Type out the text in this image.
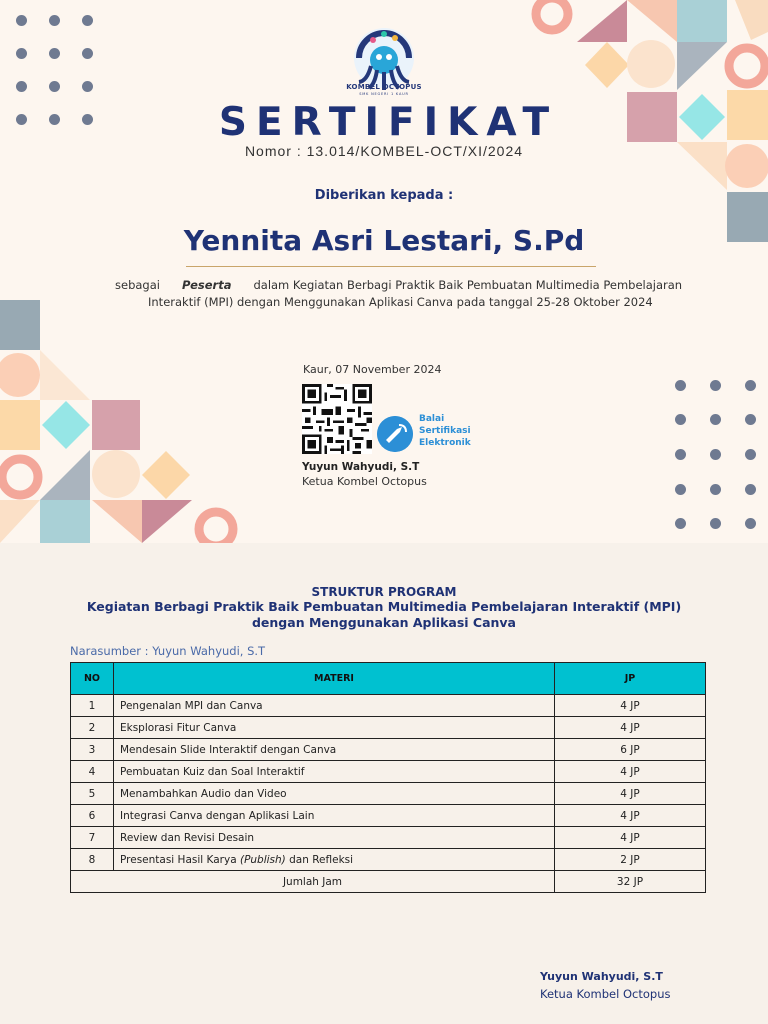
KOMBEL OCTOPUS
SMK NEGERI 1 KAUR
SERTIFIKAT
Nomor : 13.014/KOMBEL-OCT/XI/2024
Diberikan kepada :
Yennita Asri Lestari, S.Pd
sebagai Peserta dalam Kegiatan Berbagi Praktik Baik Pembuatan Multimedia Pembelajaran
Interaktif (MPI) dengan Menggunakan Aplikasi Canva pada tanggal 25-28 Oktober 2024
Kaur, 07 November 2024
Balai
Sertifikasi
Elektronik
Yuyun Wahyudi, S.T
Ketua Kombel Octopus
STRUKTUR PROGRAM
Kegiatan Berbagi Praktik Baik Pembuatan Multimedia Pembelajaran Interaktif (MPI) dengan Menggunakan Aplikasi Canva
Narasumber : Yuyun Wahyudi, S.T
NO	MATERI	JP
1	Pengenalan MPI dan Canva	4 JP
2	Eksplorasi Fitur Canva	4 JP
3	Mendesain Slide Interaktif dengan Canva	6 JP
4	Pembuatan Kuiz dan Soal Interaktif	4 JP
5	Menambahkan Audio dan Video	4 JP
6	Integrasi Canva dengan Aplikasi Lain	4 JP
7	Review dan Revisi Desain	4 JP
8	Presentasi Hasil Karya (Publish) dan Refleksi	2 JP
Jumlah Jam		32 JP
Yuyun Wahyudi, S.T
Ketua Kombel Octopus
